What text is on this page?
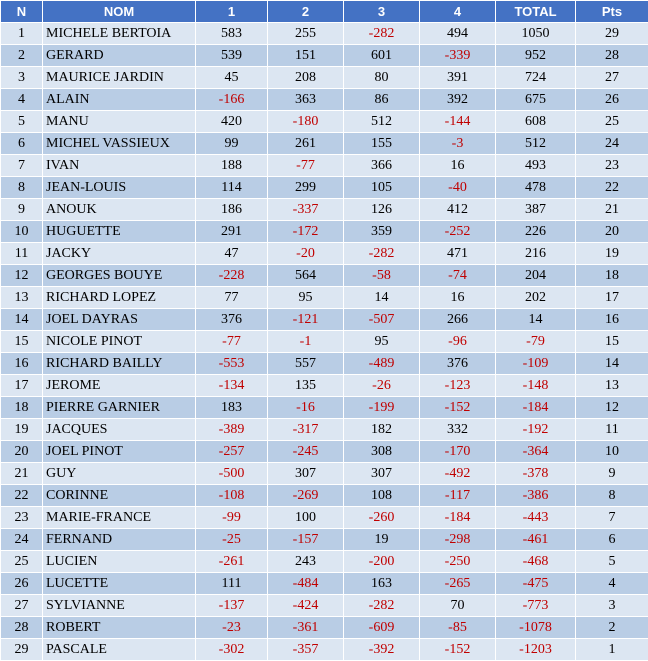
N	NOM	1	2	3	4	TOTAL	Pts
1	MICHELE BERTOIA	583	255	-282	494	1050	29
2	GERARD	539	151	601	-339	952	28
3	MAURICE JARDIN	45	208	80	391	724	27
4	ALAIN	-166	363	86	392	675	26
5	MANU	420	-180	512	-144	608	25
6	MICHEL VASSIEUX	99	261	155	-3	512	24
7	IVAN	188	-77	366	16	493	23
8	JEAN-LOUIS	114	299	105	-40	478	22
9	ANOUK	186	-337	126	412	387	21
10	HUGUETTE	291	-172	359	-252	226	20
11	JACKY	47	-20	-282	471	216	19
12	GEORGES BOUYE	-228	564	-58	-74	204	18
13	RICHARD LOPEZ	77	95	14	16	202	17
14	JOEL DAYRAS	376	-121	-507	266	14	16
15	NICOLE PINOT	-77	-1	95	-96	-79	15
16	RICHARD BAILLY	-553	557	-489	376	-109	14
17	JEROME	-134	135	-26	-123	-148	13
18	PIERRE GARNIER	183	-16	-199	-152	-184	12
19	JACQUES	-389	-317	182	332	-192	11
20	JOEL PINOT	-257	-245	308	-170	-364	10
21	GUY	-500	307	307	-492	-378	9
22	CORINNE	-108	-269	108	-117	-386	8
23	MARIE-FRANCE	-99	100	-260	-184	-443	7
24	FERNAND	-25	-157	19	-298	-461	6
25	LUCIEN	-261	243	-200	-250	-468	5
26	LUCETTE	111	-484	163	-265	-475	4
27	SYLVIANNE	-137	-424	-282	70	-773	3
28	ROBERT	-23	-361	-609	-85	-1078	2
29	PASCALE	-302	-357	-392	-152	-1203	1
